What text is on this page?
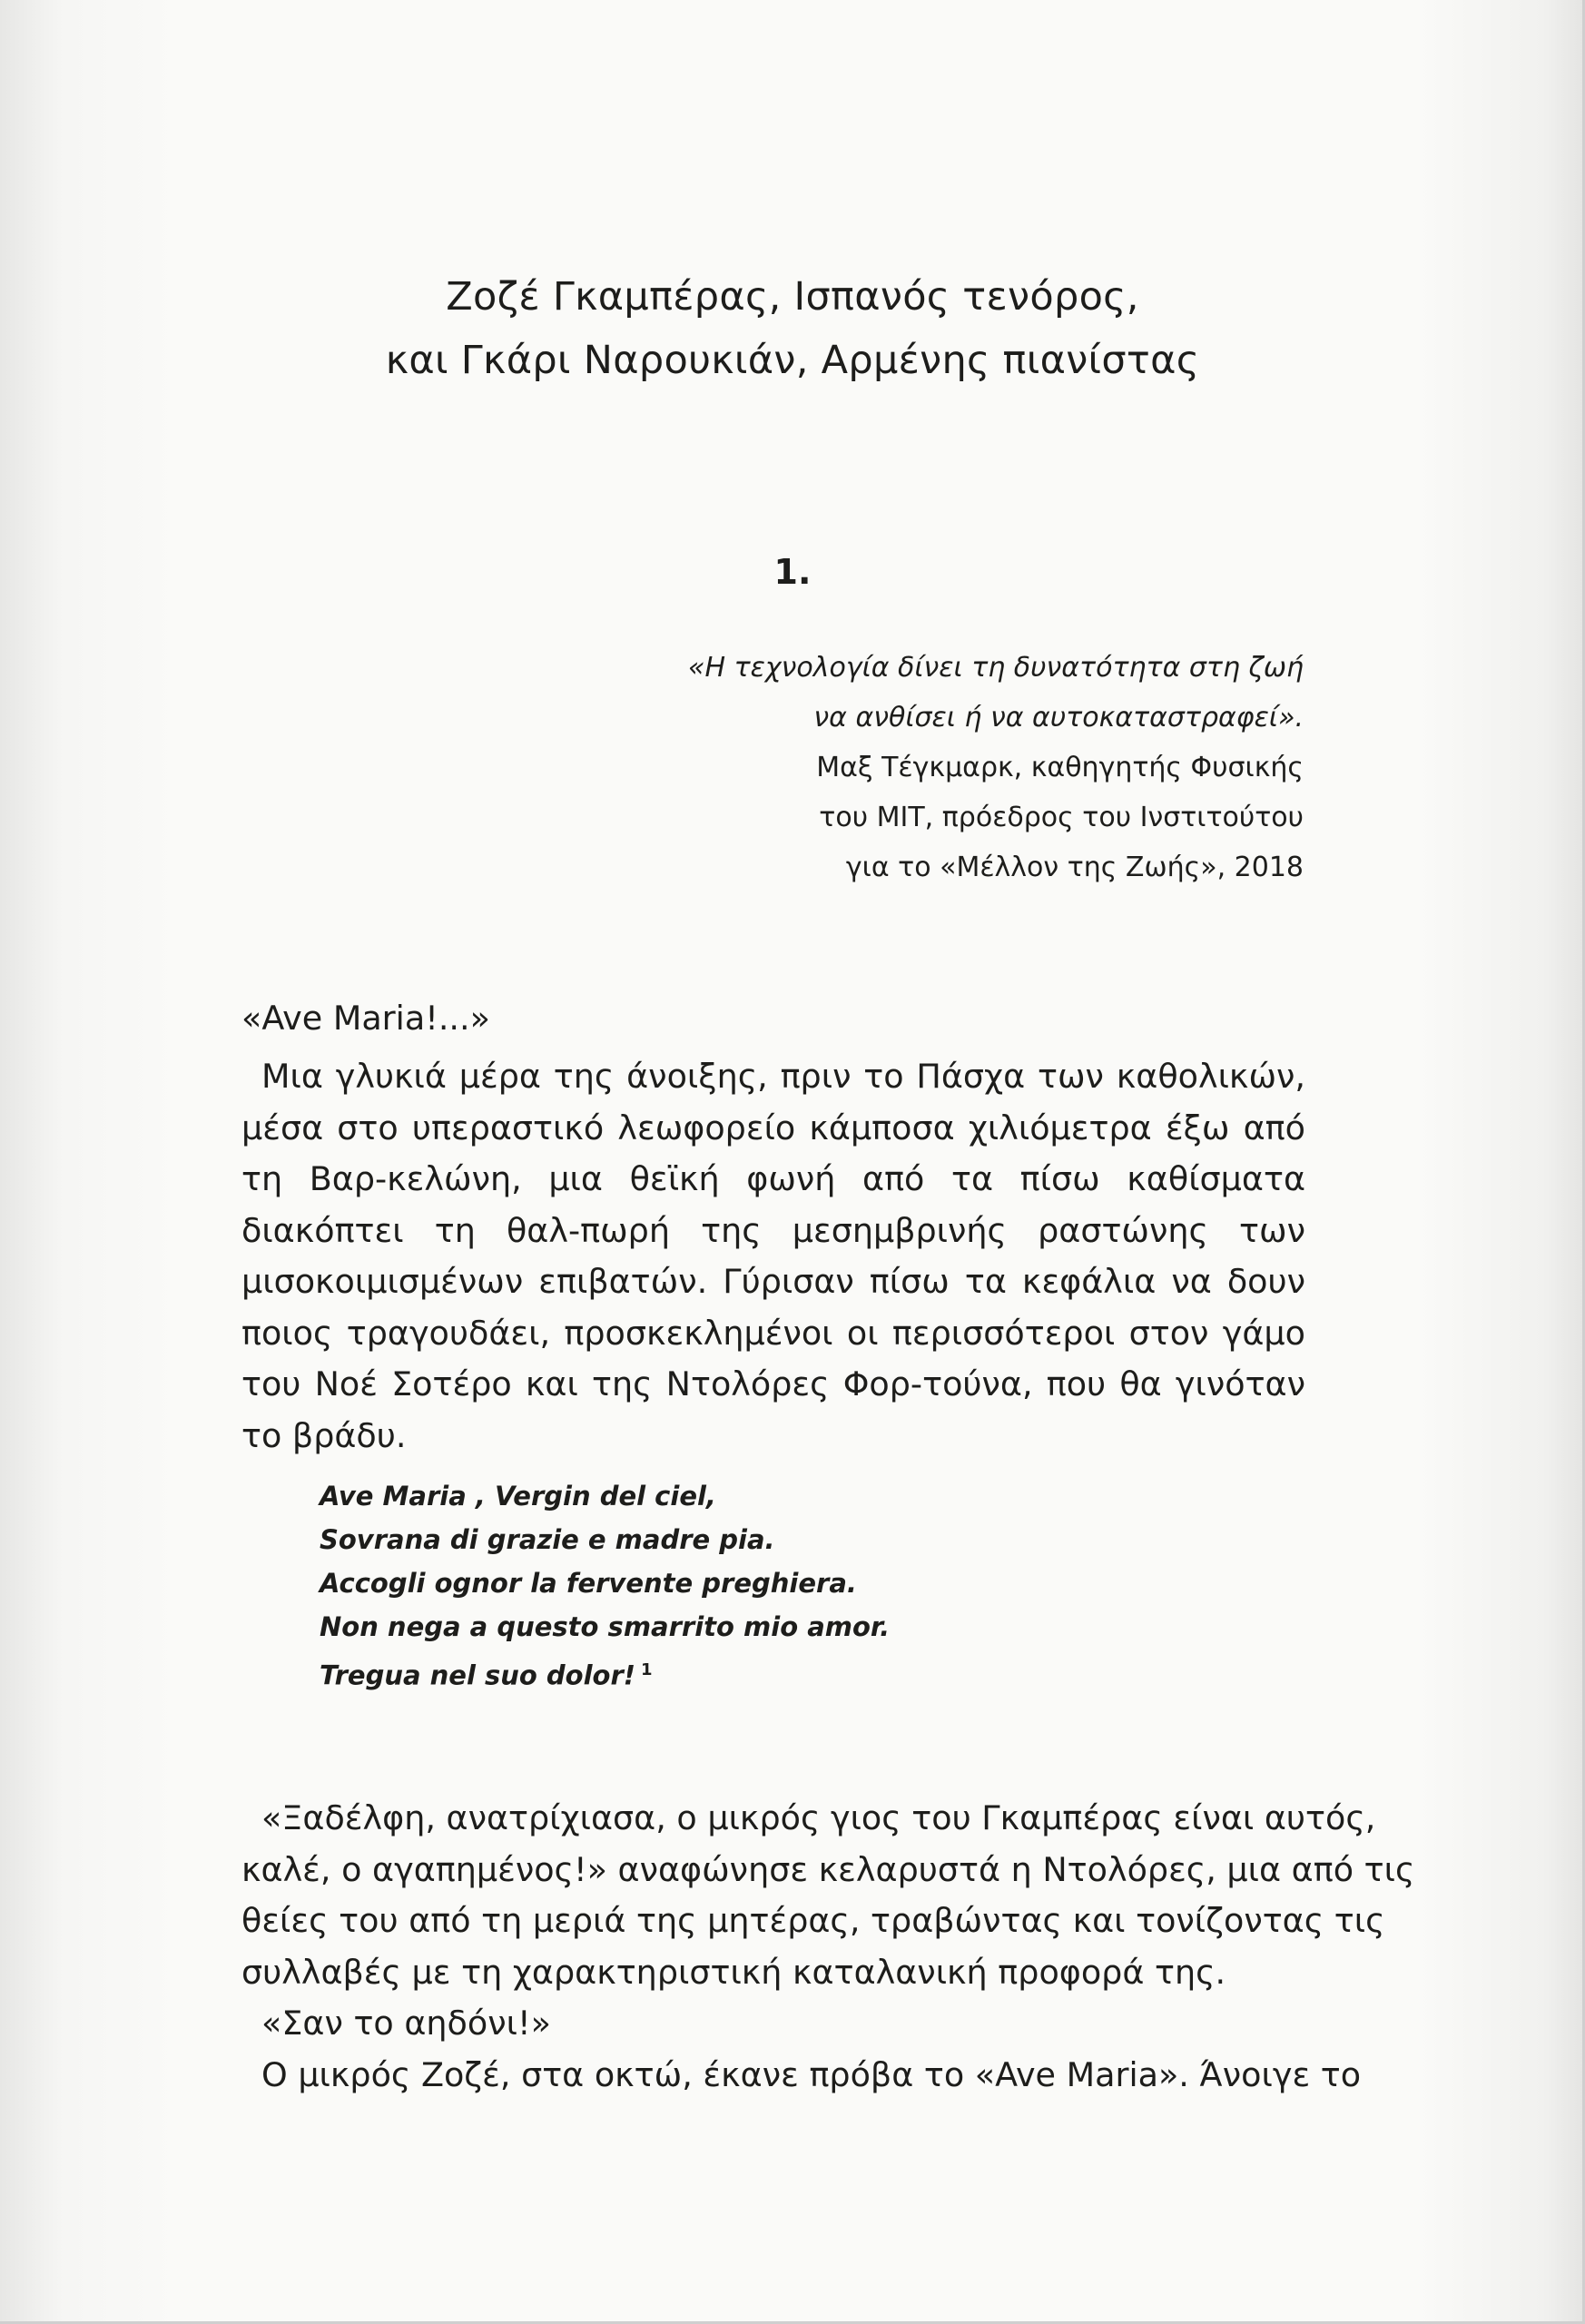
Ζοζέ Γκαμπέρας, Ισπανός τενόρος,
και Γκάρι Ναρουκιάν, Αρμένης πιανίστας
1.
«Η τεχνολογία δίνει τη δυνατότητα στη ζωή
να ανθίσει ή να αυτοκαταστραφεί».
Μαξ Τέγκμαρκ, καθηγητής Φυσικής
του MIT, πρόεδρος του Ινστιτούτου
για το «Μέλλον της Ζωής», 2018
«Ave Maria!...»

Μια γλυκιά μέρα της άνοιξης, πριν το Πάσχα των καθολικών, μέσα στο υπεραστικό λεωφορείο κάμποσα χιλιόμετρα έξω από τη Βαρ-κελώνη, μια θεϊκή φωνή από τα πίσω καθίσματα διακόπτει τη θαλ-πωρή της μεσημβρινής ραστώνης των μισοκοιμισμένων επιβατών. Γύρισαν πίσω τα κεφάλια να δουν ποιος τραγουδάει, προσκεκλημένοι οι περισσότεροι στον γάμο του Νοέ Σοτέρο και της Ντολόρες Φορ-τούνα, που θα γινόταν το βράδυ.

Ave Maria , Vergin del ciel,
Sovrana di grazie e madre pia.
Accogli ognor la fervente preghiera.
Non nega a questo smarrito mio amor.
Tregua nel suo dolor! $^1$
«Ξαδέλφη, ανατρίχιασα, ο μικρός γιος του Γκαμπέρας είναι αυτός,
καλέ, ο αγαπημένος!» αναφώνησε κελαρυστά η Ντολόρες, μια από τις
θείες του από τη μεριά της μητέρας, τραβώντας και τονίζοντας τις
συλλαβές με τη χαρακτηριστική καταλανική προφορά της.
«Σαν το αηδόνι!»
Ο μικρός Ζοζέ, στα οκτώ, έκανε πρόβα το «Ave Maria». Άνοιγε το
